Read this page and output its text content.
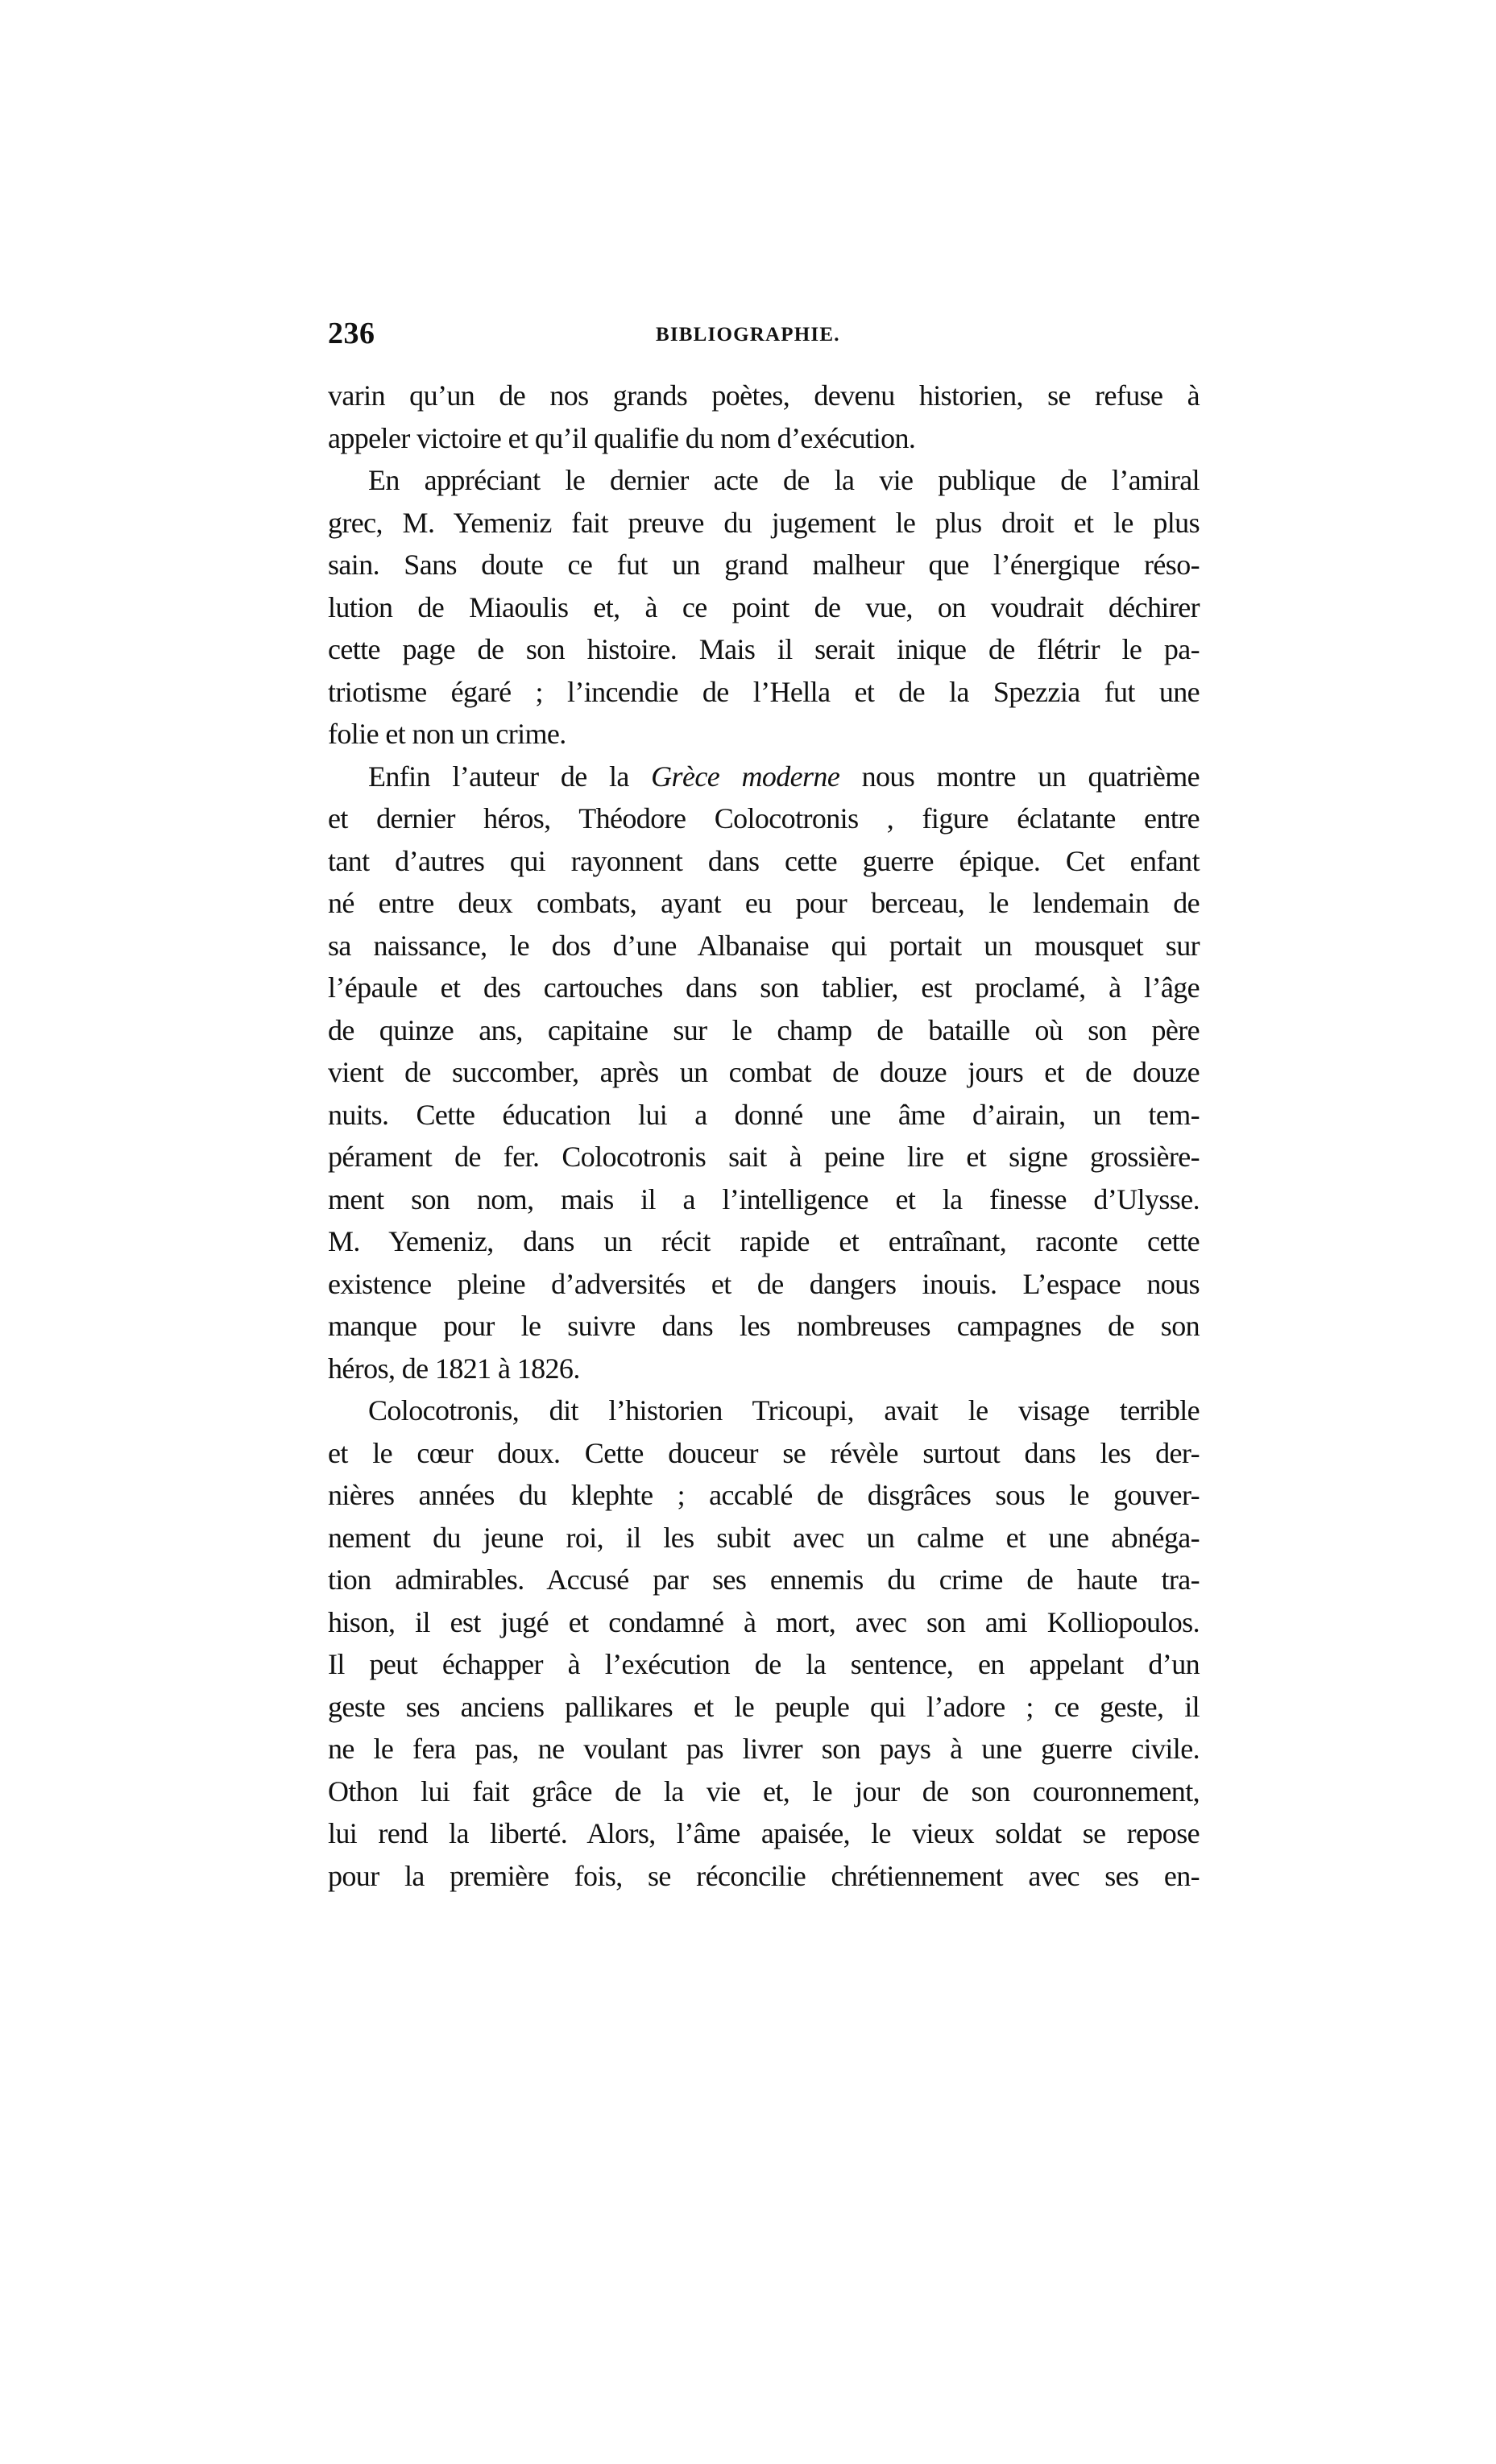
236	BIBLIOGRAPHIE.
varin qu’un de nos grands poètes, devenu historien, se refuse à
appeler victoire et qu’il qualifie du nom d’exécution.
En appréciant le dernier acte de la vie publique de l’amiral
grec, M. Yemeniz fait preuve du jugement le plus droit et le plus
sain. Sans doute ce fut un grand malheur que l’énergique réso-
lution de Miaoulis et, à ce point de vue, on voudrait déchirer
cette page de son histoire. Mais il serait inique de flétrir le pa-
triotisme égaré ; l’incendie de l’Hella et de la Spezzia fut une
folie et non un crime.
Enfin l’auteur de la Grèce moderne nous montre un quatrième
et dernier héros, Théodore Colocotronis , figure éclatante entre
tant d’autres qui rayonnent dans cette guerre épique. Cet enfant
né entre deux combats, ayant eu pour berceau, le lendemain de
sa naissance, le dos d’une Albanaise qui portait un mousquet sur
l’épaule et des cartouches dans son tablier, est proclamé, à l’âge
de quinze ans, capitaine sur le champ de bataille où son père
vient de succomber, après un combat de douze jours et de douze
nuits. Cette éducation lui a donné une âme d’airain, un tem-
pérament de fer. Colocotronis sait à peine lire et signe grossière-
ment son nom, mais il a l’intelligence et la finesse d’Ulysse.
M. Yemeniz, dans un récit rapide et entraînant, raconte cette
existence pleine d’adversités et de dangers inouis. L’espace nous
manque pour le suivre dans les nombreuses campagnes de son
héros, de 1821 à 1826.
Colocotronis, dit l’historien Tricoupi, avait le visage terrible
et le cœur doux. Cette douceur se révèle surtout dans les der-
nières années du klephte ; accablé de disgrâces sous le gouver-
nement du jeune roi, il les subit avec un calme et une abnéga-
tion admirables. Accusé par ses ennemis du crime de haute tra-
hison, il est jugé et condamné à mort, avec son ami Kolliopoulos.
Il peut échapper à l’exécution de la sentence, en appelant d’un
geste ses anciens pallikares et le peuple qui l’adore ; ce geste, il
ne le fera pas, ne voulant pas livrer son pays à une guerre civile.
Othon lui fait grâce de la vie et, le jour de son couronnement,
lui rend la liberté. Alors, l’âme apaisée, le vieux soldat se repose
pour la première fois, se réconcilie chrétiennement avec ses en-
